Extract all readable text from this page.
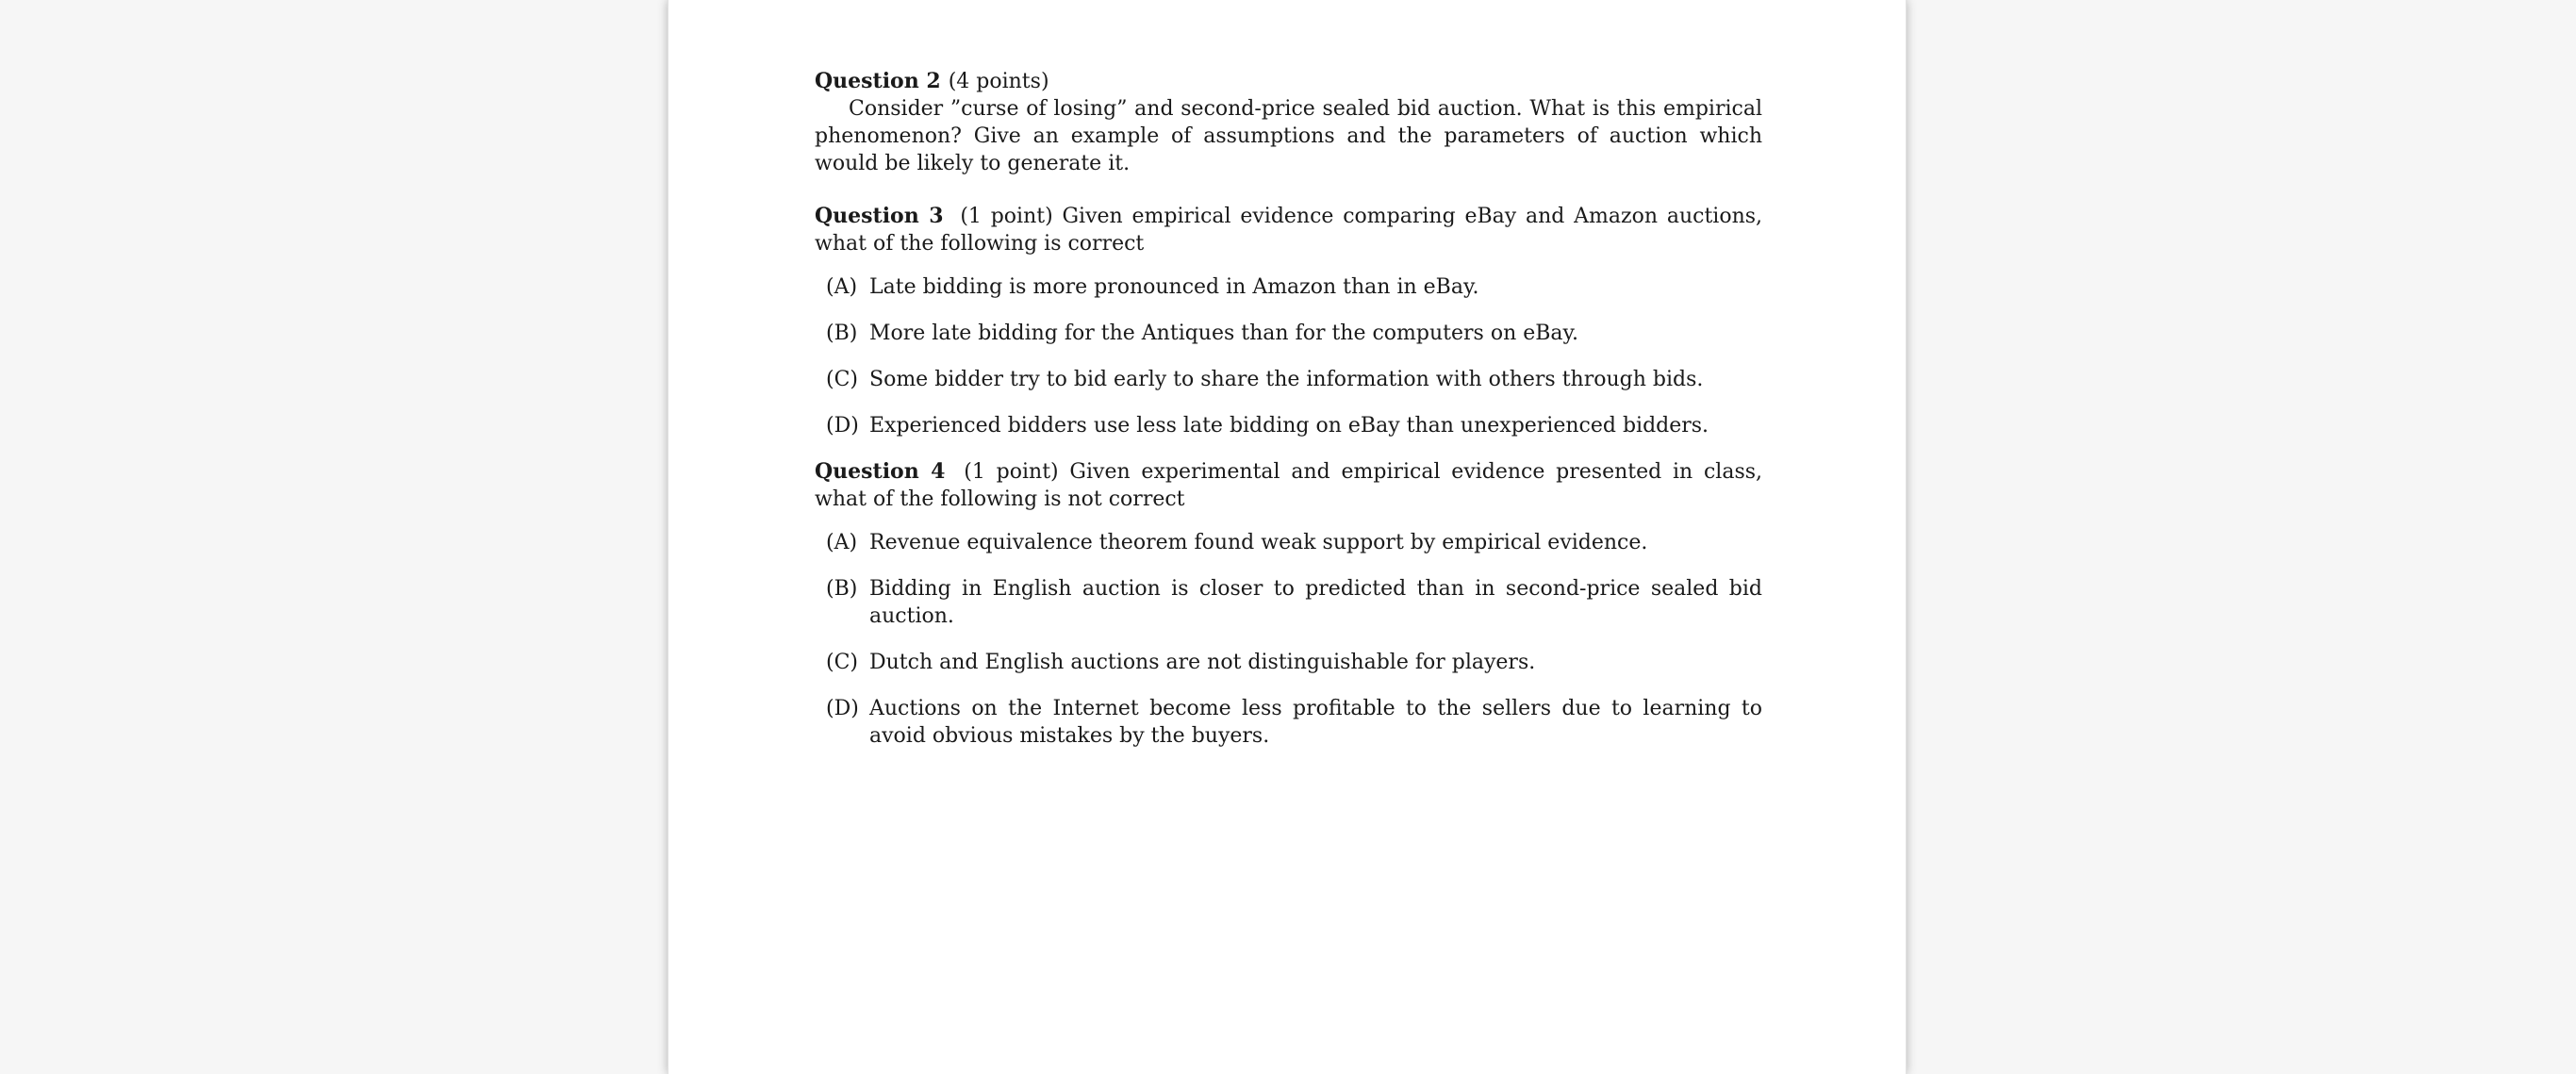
Question 2 (4 points)
Consider ”curse of losing” and second-price sealed bid auction. What is this empirical phenomenon? Give an example of assumptions and the parameters of auction which would be likely to generate it.
Question 3 (1 point) Given empirical evidence comparing eBay and Amazon auctions, what of the following is correct
(A) Late bidding is more pronounced in Amazon than in eBay.
(B) More late bidding for the Antiques than for the computers on eBay.
(C) Some bidder try to bid early to share the information with others through bids.
(D) Experienced bidders use less late bidding on eBay than unexperienced bidders.
Question 4 (1 point) Given experimental and empirical evidence presented in class, what of the following is not correct
(A) Revenue equivalence theorem found weak support by empirical evidence.
(B) Bidding in English auction is closer to predicted than in second-price sealed bid auction.
(C) Dutch and English auctions are not distinguishable for players.
(D) Auctions on the Internet become less profitable to the sellers due to learning to avoid obvious mistakes by the buyers.
